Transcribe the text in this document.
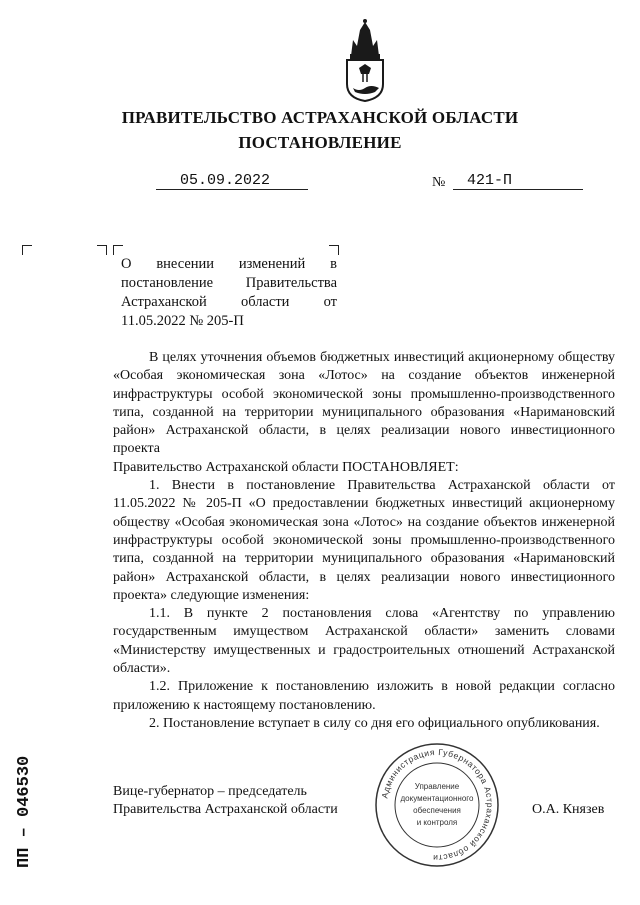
ПРАВИТЕЛЬСТВО АСТРАХАНСКОЙ ОБЛАСТИ
ПОСТАНОВЛЕНИЕ
05.09.2022	№	421-П
О внесении изменений в постановление Правительства Астраханской области от 11.05.2022 № 205-П

В целях уточнения объемов бюджетных инвестиций акционерному обществу «Особая экономическая зона «Лотос» на создание объектов инженерной инфраструктуры особой экономической зоны промышленно-производственного типа, созданной на территории муниципального образования «Наримановский район» Астраханской области, в целях реализации нового инвестиционного проекта

Правительство Астраханской области ПОСТАНОВЛЯЕТ:

1. Внести в постановление Правительства Астраханской области от 11.05.2022 № 205-П «О предоставлении бюджетных инвестиций акционерному обществу «Особая экономическая зона «Лотос» на создание объектов инженерной инфраструктуры особой экономической зоны промышленно-производственного типа, созданной на территории муниципального образования «Наримановский район» Астраханской области, в целях реализации нового инвестиционного проекта» следующие изменения:

1.1. В пункте 2 постановления слова «Агентству по управлению государственным имуществом Астраханской области» заменить словами «Министерству имущественных и градостроительных отношений Астраханской области».

1.2. Приложение к постановлению изложить в новой редакции согласно приложению к настоящему постановлению.

2. Постановление вступает в силу со дня его официального опубликования.

Вице-губернатор – председатель
Правительства Астраханской области	О.А. Князев
Администрация Губернатора Астраханской области
Управление
документационного
обеспечения
и контроля
ПП – 046530
